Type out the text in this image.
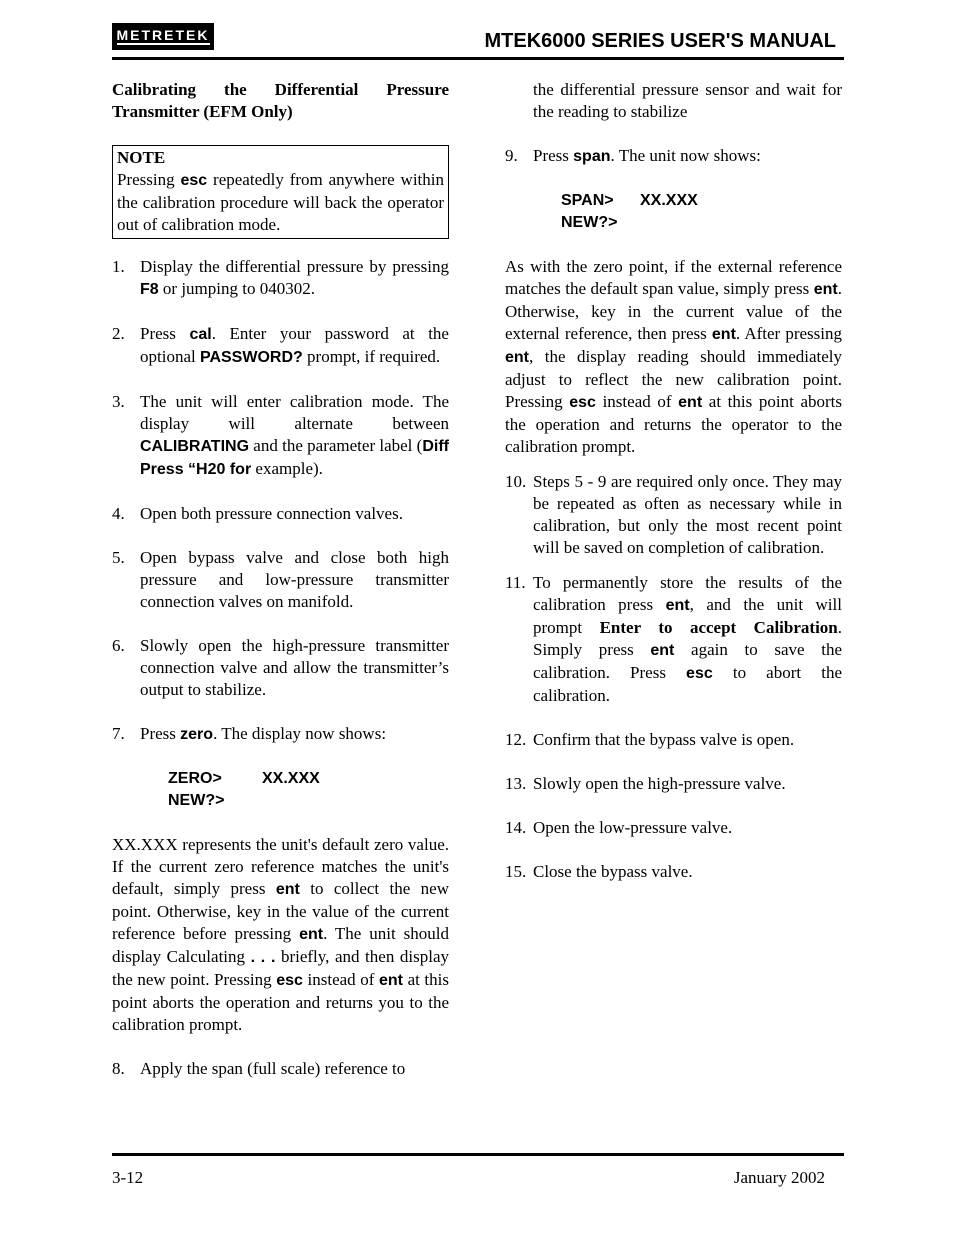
METRETEK	MTEK6000 SERIES USER'S MANUAL

Calibrating the Differential Pressure Transmitter (EFM Only)

NOTE

Pressing esc repeatedly from anywhere within the calibration procedure will back the operator out of calibration mode.

1. Display the differential pressure by pressing F8 or jumping to 040302.

2. Press cal. Enter your password at the optional PASSWORD? prompt, if required.

3. The unit will enter calibration mode. The display will alternate between CALIBRATING and the parameter label (Diff Press “H20 for example).

4. Open both pressure connection valves.

5. Open bypass valve and close both high pressure and low-pressure transmitter connection valves on manifold.

6. Slowly open the high-pressure transmitter connection valve and allow the transmitter’s output to stabilize.

7. Press zero. The display now shows:

ZERO>	XX.XXX
NEW?>

XX.XXX represents the unit's default zero value. If the current zero reference matches the unit's default, simply press ent to collect the new point. Otherwise, key in the value of the current reference before pressing ent. The unit should display Calculating . . . briefly, and then display the new point. Pressing esc instead of ent at this point aborts the operation and returns you to the calibration prompt.

8. Apply the span (full scale) reference to

the differential pressure sensor and wait for the reading to stabilize

9. Press span. The unit now shows:

SPAN> XX.XXX
NEW?>

As with the zero point, if the external reference matches the default span value, simply press ent. Otherwise, key in the current value of the external reference, then press ent. After pressing ent, the display reading should immediately adjust to reflect the new calibration point. Pressing esc instead of ent at this point aborts the operation and returns the operator to the calibration prompt.

10. Steps 5 - 9 are required only once. They may be repeated as often as necessary while in calibration, but only the most recent point will be saved on completion of calibration.

11. To permanently store the results of the calibration press ent, and the unit will prompt Enter to accept Calibration. Simply press ent again to save the calibration. Press esc to abort the calibration.

12. Confirm that the bypass valve is open.

13. Slowly open the high-pressure valve.

14. Open the low-pressure valve.

15. Close the bypass valve.

3-12	January 2002
